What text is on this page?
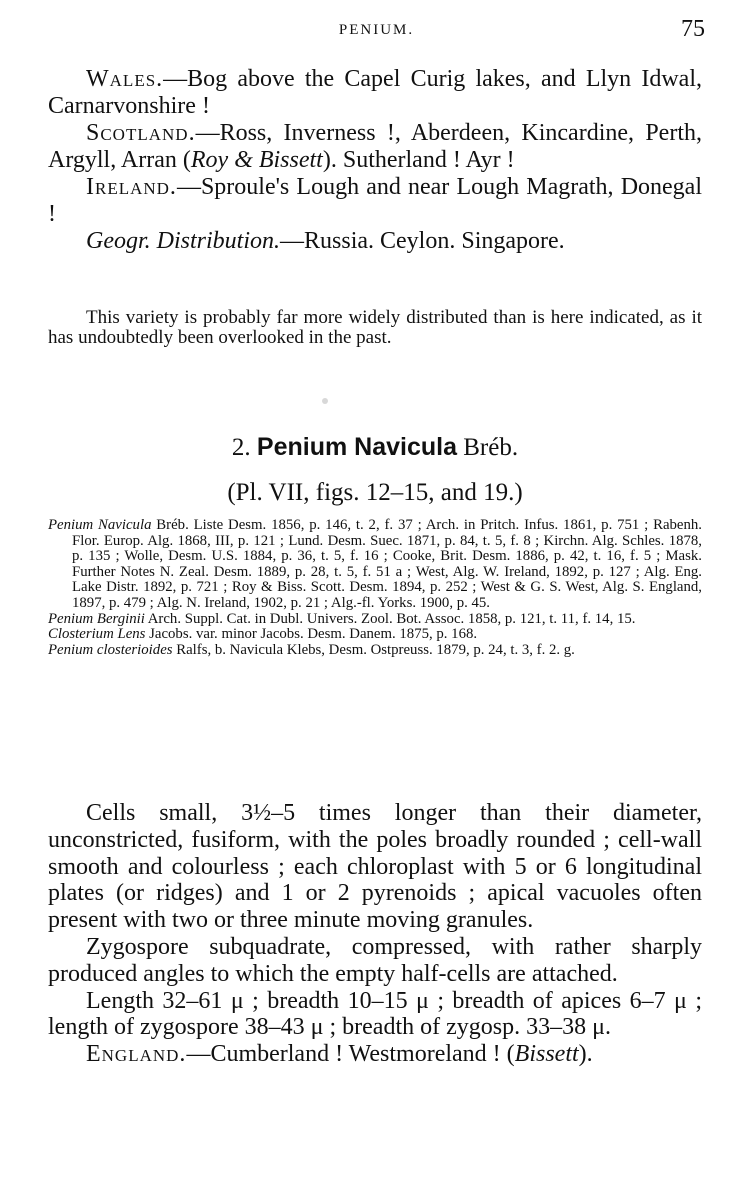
PENIUM.	75
Wales.—Bog above the Capel Curig lakes, and Llyn Idwal, Carnarvonshire !
Scotland.—Ross, Inverness !, Aberdeen, Kincardine, Perth, Argyll, Arran (Roy & Bissett). Sutherland ! Ayr !
Ireland.—Sproule's Lough and near Lough Magrath, Donegal !
Geogr. Distribution.—Russia. Ceylon. Singapore.
This variety is probably far more widely distributed than is here indicated, as it has undoubtedly been overlooked in the past.
2. Penium Navicula Bréb.
(Pl. VII, figs. 12–15, and 19.)
Penium Navicula Bréb. Liste Desm. 1856, p. 146, t. 2, f. 37 ; Arch. in Pritch. Infus. 1861, p. 751 ; Rabenh. Flor. Europ. Alg. 1868, III, p. 121 ; Lund. Desm. Suec. 1871, p. 84, t. 5, f. 8 ; Kirchn. Alg. Schles. 1878, p. 135 ; Wolle, Desm. U.S. 1884, p. 36, t. 5, f. 16 ; Cooke, Brit. Desm. 1886, p. 42, t. 16, f. 5 ; Mask. Further Notes N. Zeal. Desm. 1889, p. 28, t. 5, f. 51 a ; West, Alg. W. Ireland, 1892, p. 127 ; Alg. Eng. Lake Distr. 1892, p. 721 ; Roy & Biss. Scott. Desm. 1894, p. 252 ; West & G. S. West, Alg. S. England, 1897, p. 479 ; Alg. N. Ireland, 1902, p. 21 ; Alg.-fl. Yorks. 1900, p. 45.
Penium Berginii Arch. Suppl. Cat. in Dubl. Univers. Zool. Bot. Assoc. 1858, p. 121, t. 11, f. 14, 15.
Closterium Lens Jacobs. var. minor Jacobs. Desm. Danem. 1875, p. 168.
Penium closterioides Ralfs, b. Navicula Klebs, Desm. Ostpreuss. 1879, p. 24, t. 3, f. 2. g.
Cells small, 3½–5 times longer than their diameter, unconstricted, fusiform, with the poles broadly rounded ; cell-wall smooth and colourless ; each chloroplast with 5 or 6 longitudinal plates (or ridges) and 1 or 2 pyrenoids ; apical vacuoles often present with two or three minute moving granules.
Zygospore subquadrate, compressed, with rather sharply produced angles to which the empty half-cells are attached.
Length 32–61 μ ; breadth 10–15 μ ; breadth of apices 6–7 μ ; length of zygospore 38–43 μ ; breadth of zygosp. 33–38 μ.
England.—Cumberland ! Westmoreland ! (Bissett).
